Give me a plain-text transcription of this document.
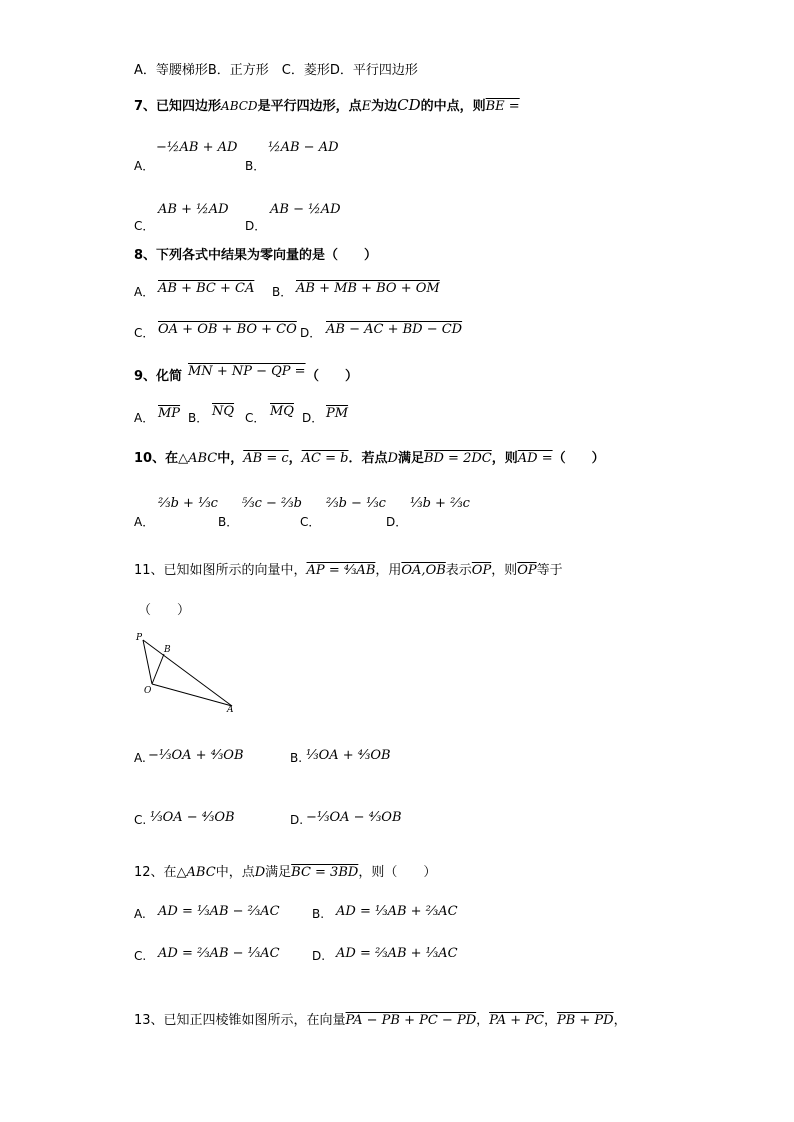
A．等腰梯形B．正方形　C．菱形D．平行四边形
7、已知四边形ABCD是平行四边形，点E为边CD的中点，则BE =
A．
−½AB + AD
B．
½AB − AD
C．
AB + ½AD
D．
AB − ½AD
8、下列各式中结果为零向量的是（　　）
A． AB + BC + CA B． AB + MB + BO + OM
C． OA + OB + BO + CO D． AB − AC + BD − CD
9、化简 MN + NP − QP = （　　）
A． $\overline{MP}$ B． $\overline{NQ}$ C． $\overline{MQ}$ D． $\overline{PM}$
10、在△ABC中，AB = c，AC = b．若点D满足BD = 2DC，则AD =（　　）
A．
⅔b + ⅓c
B．
⁵⁄₃c − ⅔b
C．
⅔b − ⅓c
D．
⅓b + ⅔c
11、已知如图所示的向量中，AP = ⁴⁄₃AB，用OA,OB表示$\overline{OP}$，则$\overline{OP}$等于
（　　）
P
B
O
A
A. −⅓OA + ⁴⁄₃OB	B. ⅓OA + ⁴⁄₃OB
C. ⅓OA − ⁴⁄₃OB	D. −⅓OA − ⁴⁄₃OB
12、在△ABC中，点D满足BC = 3BD，则（　　）
A. AD = ⅓AB − ⅔AC	B. AD = ⅓AB + ⅔AC
C. AD = ⅔AB − ⅓AC	D. AD = ⅔AB + ⅓AC
13、已知正四棱锥如图所示，在向量PA − PB + PC − PD，PA + PC，PB + PD，
